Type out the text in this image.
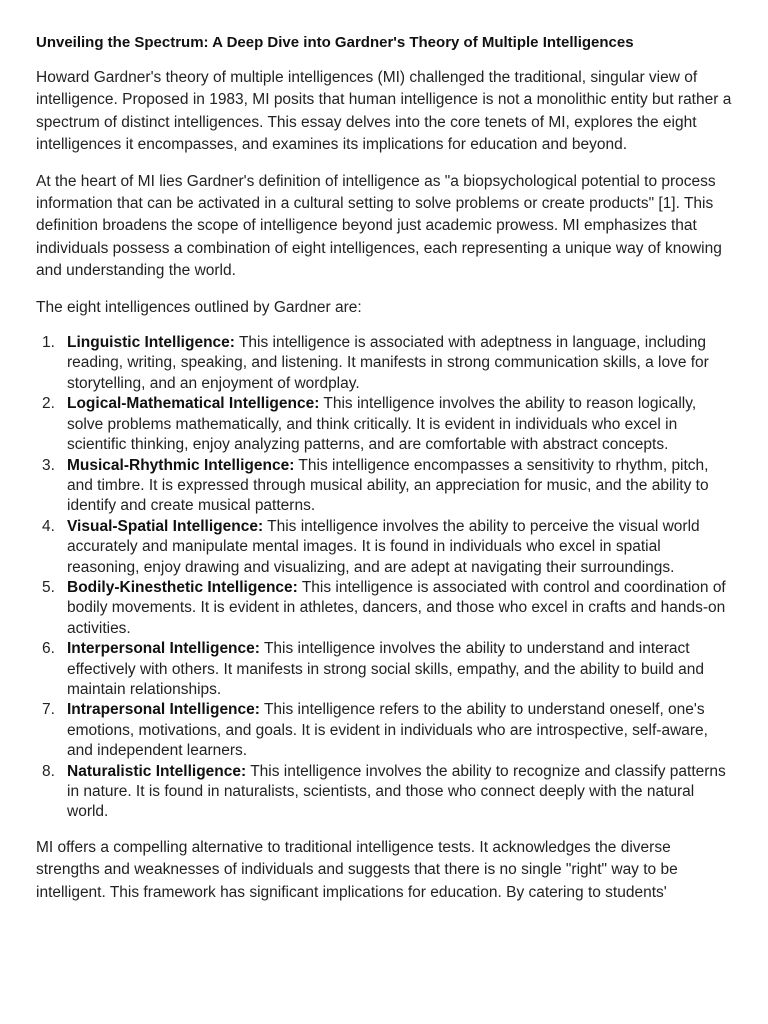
Unveiling the Spectrum: A Deep Dive into Gardner's Theory of Multiple Intelligences

Howard Gardner's theory of multiple intelligences (MI) challenged the traditional, singular view of intelligence. Proposed in 1983, MI posits that human intelligence is not a monolithic entity but rather a spectrum of distinct intelligences. This essay delves into the core tenets of MI, explores the eight intelligences it encompasses, and examines its implications for education and beyond.

At the heart of MI lies Gardner's definition of intelligence as "a biopsychological potential to process information that can be activated in a cultural setting to solve problems or create products" [1]. This definition broadens the scope of intelligence beyond just academic prowess. MI emphasizes that individuals possess a combination of eight intelligences, each representing a unique way of knowing and understanding the world.

The eight intelligences outlined by Gardner are:

1. Linguistic Intelligence: This intelligence is associated with adeptness in language, including reading, writing, speaking, and listening. It manifests in strong communication skills, a love for storytelling, and an enjoyment of wordplay.
2. Logical-Mathematical Intelligence: This intelligence involves the ability to reason logically, solve problems mathematically, and think critically. It is evident in individuals who excel in scientific thinking, enjoy analyzing patterns, and are comfortable with abstract concepts.
3. Musical-Rhythmic Intelligence: This intelligence encompasses a sensitivity to rhythm, pitch, and timbre. It is expressed through musical ability, an appreciation for music, and the ability to identify and create musical patterns.
4. Visual-Spatial Intelligence: This intelligence involves the ability to perceive the visual world accurately and manipulate mental images. It is found in individuals who excel in spatial reasoning, enjoy drawing and visualizing, and are adept at navigating their surroundings.
5. Bodily-Kinesthetic Intelligence: This intelligence is associated with control and coordination of bodily movements. It is evident in athletes, dancers, and those who excel in crafts and hands-on activities.
6. Interpersonal Intelligence: This intelligence involves the ability to understand and interact effectively with others. It manifests in strong social skills, empathy, and the ability to build and maintain relationships.
7. Intrapersonal Intelligence: This intelligence refers to the ability to understand oneself, one's emotions, motivations, and goals. It is evident in individuals who are introspective, self-aware, and independent learners.
8. Naturalistic Intelligence: This intelligence involves the ability to recognize and classify patterns in nature. It is found in naturalists, scientists, and those who connect deeply with the natural world.

MI offers a compelling alternative to traditional intelligence tests. It acknowledges the diverse strengths and weaknesses of individuals and suggests that there is no single "right" way to be intelligent. This framework has significant implications for education. By catering to students'
